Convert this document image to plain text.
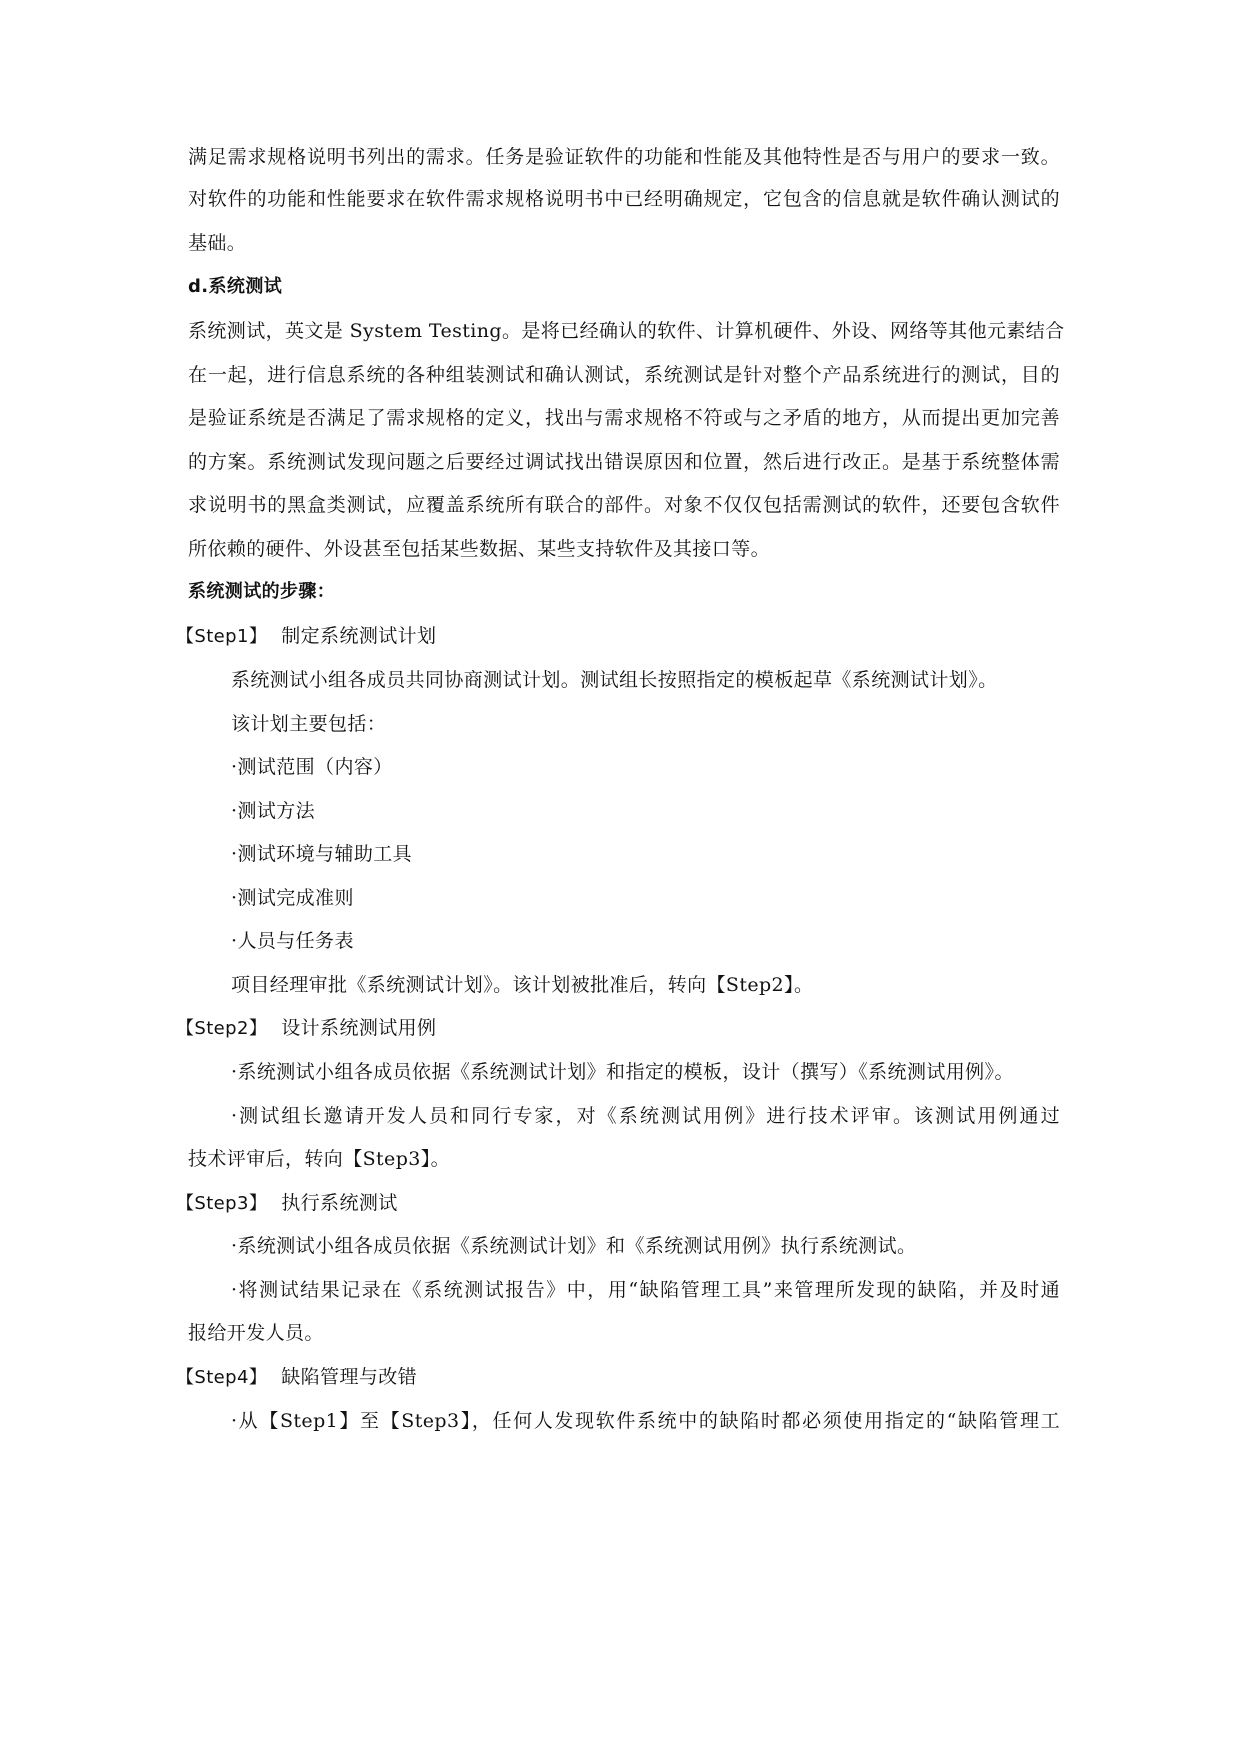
满足需求规格说明书列出的需求。任务是验证软件的功能和性能及其他特性是否与用户的要求一致。
对软件的功能和性能要求在软件需求规格说明书中已经明确规定，它包含的信息就是软件确认测试的
基础。
d.系统测试
系统测试，英文是 System Testing。是将已经确认的软件、计算机硬件、外设、网络等其他元素结合
在一起，进行信息系统的各种组装测试和确认测试，系统测试是针对整个产品系统进行的测试，目的
是验证系统是否满足了需求规格的定义，找出与需求规格不符或与之矛盾的地方，从而提出更加完善
的方案。系统测试发现问题之后要经过调试找出错误原因和位置，然后进行改正。是基于系统整体需
求说明书的黑盒类测试，应覆盖系统所有联合的部件。对象不仅仅包括需测试的软件，还要包含软件
所依赖的硬件、外设甚至包括某些数据、某些支持软件及其接口等。
系统测试的步骤：
【Step1】 制定系统测试计划
系统测试小组各成员共同协商测试计划。测试组长按照指定的模板起草《系统测试计划》。
该计划主要包括：
·测试范围（内容）
·测试方法
·测试环境与辅助工具
·测试完成准则
·人员与任务表
项目经理审批《系统测试计划》。该计划被批准后，转向【Step2】。
【Step2】 设计系统测试用例
·系统测试小组各成员依据《系统测试计划》和指定的模板，设计（撰写）《系统测试用例》。
·测试组长邀请开发人员和同行专家，对《系统测试用例》进行技术评审。该测试用例通过
技术评审后，转向【Step3】。
【Step3】 执行系统测试
·系统测试小组各成员依据《系统测试计划》和《系统测试用例》执行系统测试。
·将测试结果记录在《系统测试报告》中，用“缺陷管理工具”来管理所发现的缺陷，并及时通
报给开发人员。
【Step4】 缺陷管理与改错
·从【Step1】至【Step3】，任何人发现软件系统中的缺陷时都必须使用指定的“缺陷管理工
